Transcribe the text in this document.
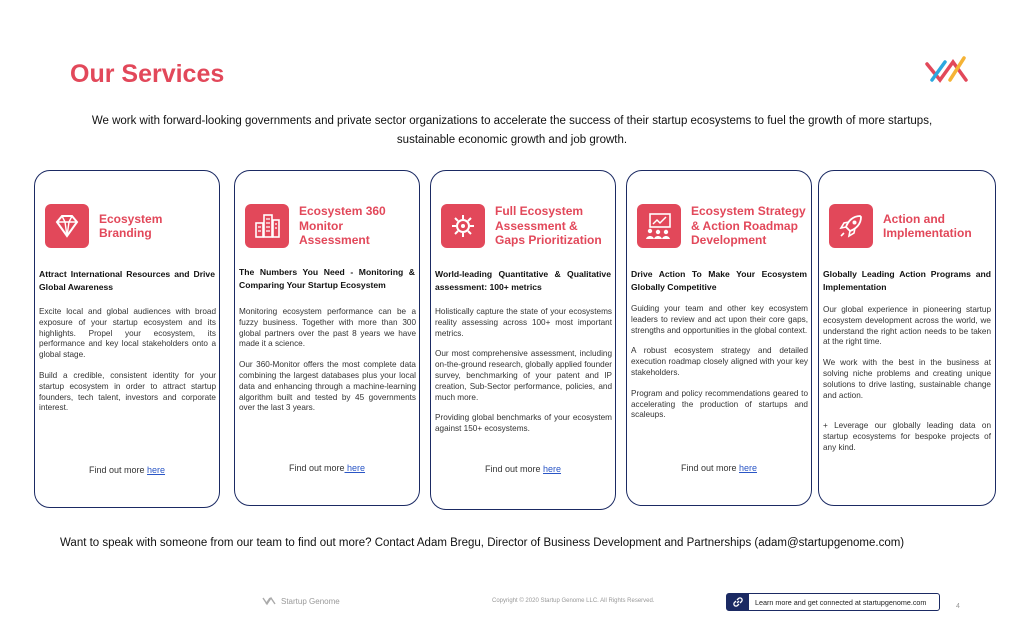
Our Services
We work with forward-looking governments and private sector organizations to accelerate the success of their startup ecosystems to fuel the growth of more startups, sustainable economic growth and job growth.
Ecosystem Branding
Attract International Resources and Drive Global Awareness

Excite local and global audiences with broad exposure of your startup ecosystem and its highlights. Propel your ecosystem, its performance and key local stakeholders onto a global stage.

Build a credible, consistent identity for your startup ecosystem in order to attract startup founders, tech talent, investors and corporate interest.

Find out more here
Ecosystem 360 Monitor Assessment
The Numbers You Need - Monitoring & Comparing Your Startup Ecosystem

Monitoring ecosystem performance can be a fuzzy business. Together with more than 300 global partners over the past 8 years we have made it a science.

Our 360-Monitor offers the most complete data combining the largest databases plus your local data and enhancing through a machine-learning algorithm built and tested by 45 governments over the last 3 years.

Find out more here
Full Ecosystem Assessment & Gaps Prioritization
World-leading Quantitative & Qualitative assessment: 100+ metrics

Holistically capture the state of your ecosystems reality assessing across 100+ most important metrics.

Our most comprehensive assessment, including on-the-ground research, globally applied founder survey, benchmarking of your patent and IP creation, Sub-Sector performance, policies, and much more.

Providing global benchmarks of your ecosystem against 150+ ecosystems.

Find out more here
Ecosystem Strategy & Action Roadmap Development
Drive Action To Make Your Ecosystem Globally Competitive

Guiding your team and other key ecosystem leaders to review and act upon their core gaps, strengths and opportunities in the global context.

A robust ecosystem strategy and detailed execution roadmap closely aligned with your key stakeholders.

Program and policy recommendations geared to accelerating the production of startups and scaleups.

Find out more here
Action and Implementation
Globally Leading Action Programs and Implementation

Our global experience in pioneering startup ecosystem development across the world, we understand the right action needs to be taken at the right time.

We work with the best in the business at solving niche problems and creating unique solutions to drive lasting, sustainable change and action.

+ Leverage our globally leading data on startup ecosystems for bespoke projects of any kind.

Want to speak with someone from our team to find out more? Contact Adam Bregu, Director of Business Development and Partnerships (adam@startupgenome.com)
Startup Genome	Copyright © 2020 Startup Genome LLC. All Rights Reserved.	Learn more and get connected at startupgenome.com	4
